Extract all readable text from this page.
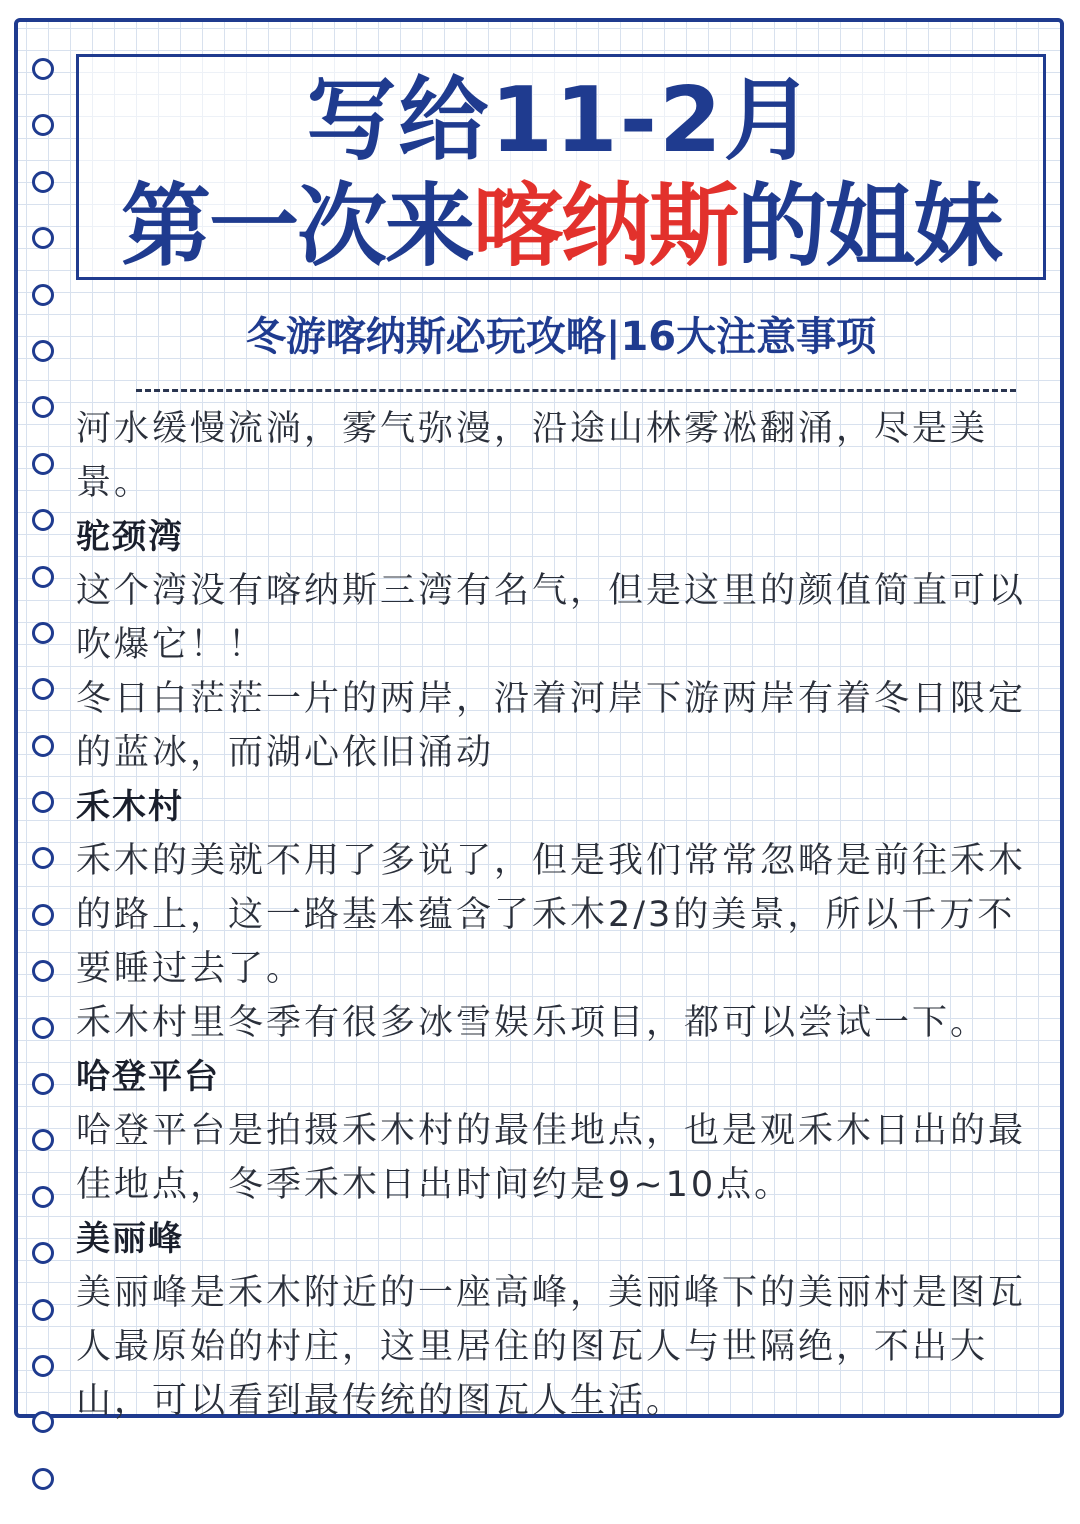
写给11-2月
第一次来喀纳斯的姐妹
冬游喀纳斯必玩攻略|16大注意事项

河水缓慢流淌，雾气弥漫，沿途山林雾凇翻涌，尽是美景。

驼颈湾

这个湾没有喀纳斯三湾有名气，但是这里的颜值简直可以吹爆它！！

冬日白茫茫一片的两岸，沿着河岸下游两岸有着冬日限定的蓝冰，而湖心依旧涌动

禾木村

禾木的美就不用了多说了，但是我们常常忽略是前往禾木的路上，这一路基本蕴含了禾木2/3的美景，所以千万不要睡过去了。

禾木村里冬季有很多冰雪娱乐项目，都可以尝试一下。

哈登平台

哈登平台是拍摄禾木村的最佳地点，也是观禾木日出的最佳地点，冬季禾木日出时间约是9~10点。

美丽峰

美丽峰是禾木附近的一座高峰，美丽峰下的美丽村是图瓦人最原始的村庄，这里居住的图瓦人与世隔绝，不出大山，可以看到最传统的图瓦人生活。
